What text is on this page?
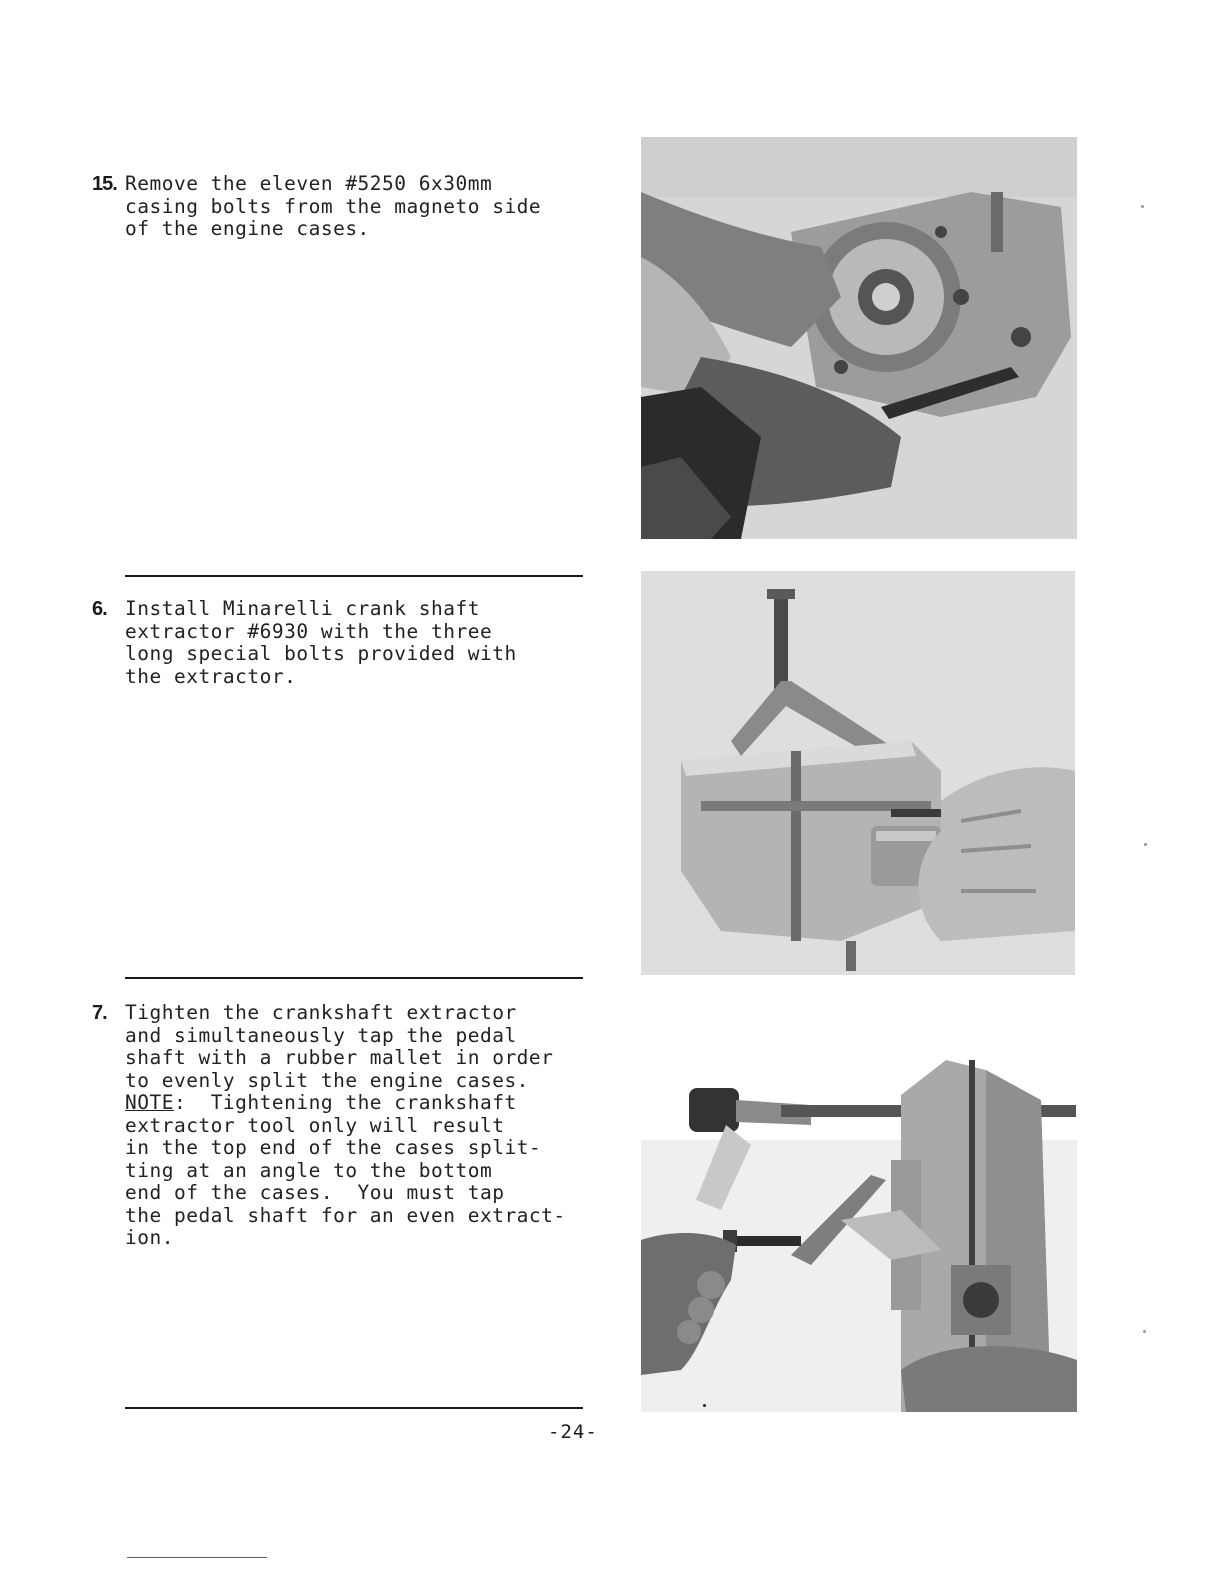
15. Remove the eleven #5250 6x30mm
casing bolts from the magneto side
of the engine cases.
6. Install Minarelli crank shaft
extractor #6930 with the three
long special bolts provided with
the extractor.
7. Tighten the crankshaft extractor
and simultaneously tap the pedal
shaft with a rubber mallet in order
to evenly split the engine cases.
NOTE:  Tightening the crankshaft
extractor tool only will result
in the top end of the cases split-
ting at an angle to the bottom
end of the cases.  You must tap
the pedal shaft for an even extract-
ion.
-24-
